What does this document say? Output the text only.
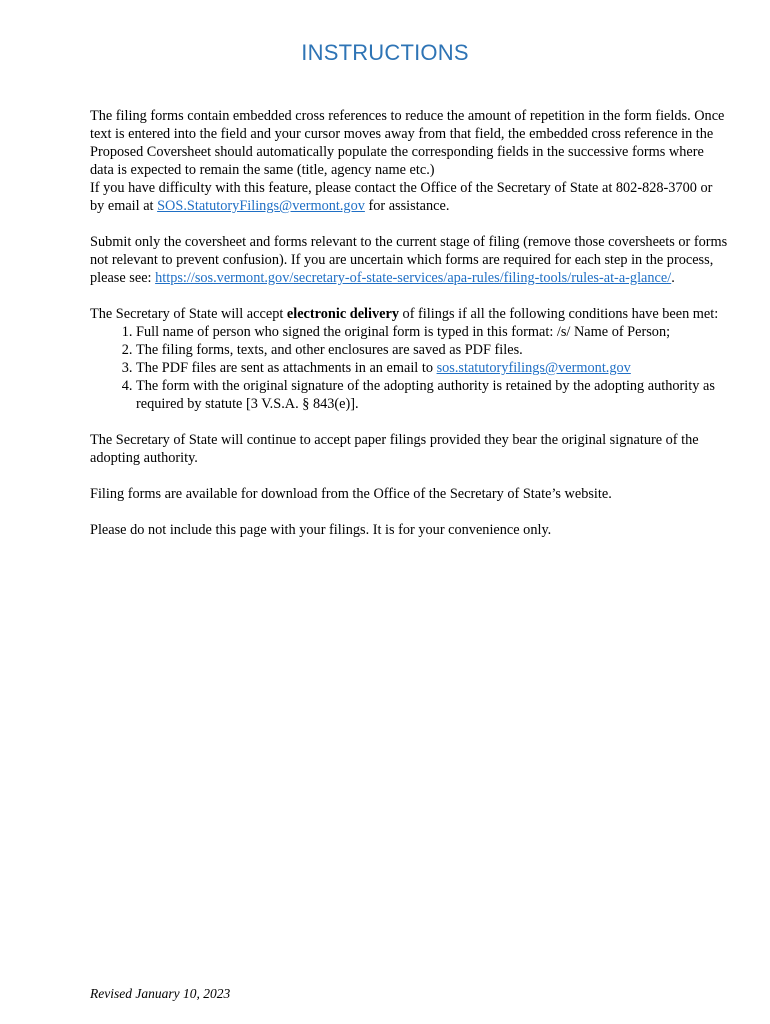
INSTRUCTIONS

The filing forms contain embedded cross references to reduce the amount of repetition in the form fields. Once text is entered into the field and your cursor moves away from that field, the embedded cross reference in the Proposed Coversheet should automatically populate the corresponding fields in the successive forms where data is expected to remain the same (title, agency name etc.)
If you have difficulty with this feature, please contact the Office of the Secretary of State at 802-828-3700 or by email at SOS.StatutoryFilings@vermont.gov for assistance.

Submit only the coversheet and forms relevant to the current stage of filing (remove those coversheets or forms not relevant to prevent confusion). If you are uncertain which forms are required for each step in the process, please see: https://sos.vermont.gov/secretary-of-state-services/apa-rules/filing-tools/rules-at-a-glance/.

The Secretary of State will accept electronic delivery of filings if all the following conditions have been met:

1. Full name of person who signed the original form is typed in this format: /s/ Name of Person;
2. The filing forms, texts, and other enclosures are saved as PDF files.
3. The PDF files are sent as attachments in an email to sos.statutoryfilings@vermont.gov
4. The form with the original signature of the adopting authority is retained by the adopting authority as required by statute [3 V.S.A. § 843(e)].

The Secretary of State will continue to accept paper filings provided they bear the original signature of the adopting authority.

Filing forms are available for download from the Office of the Secretary of State’s website.

Please do not include this page with your filings. It is for your convenience only.

Revised January 10, 2023
